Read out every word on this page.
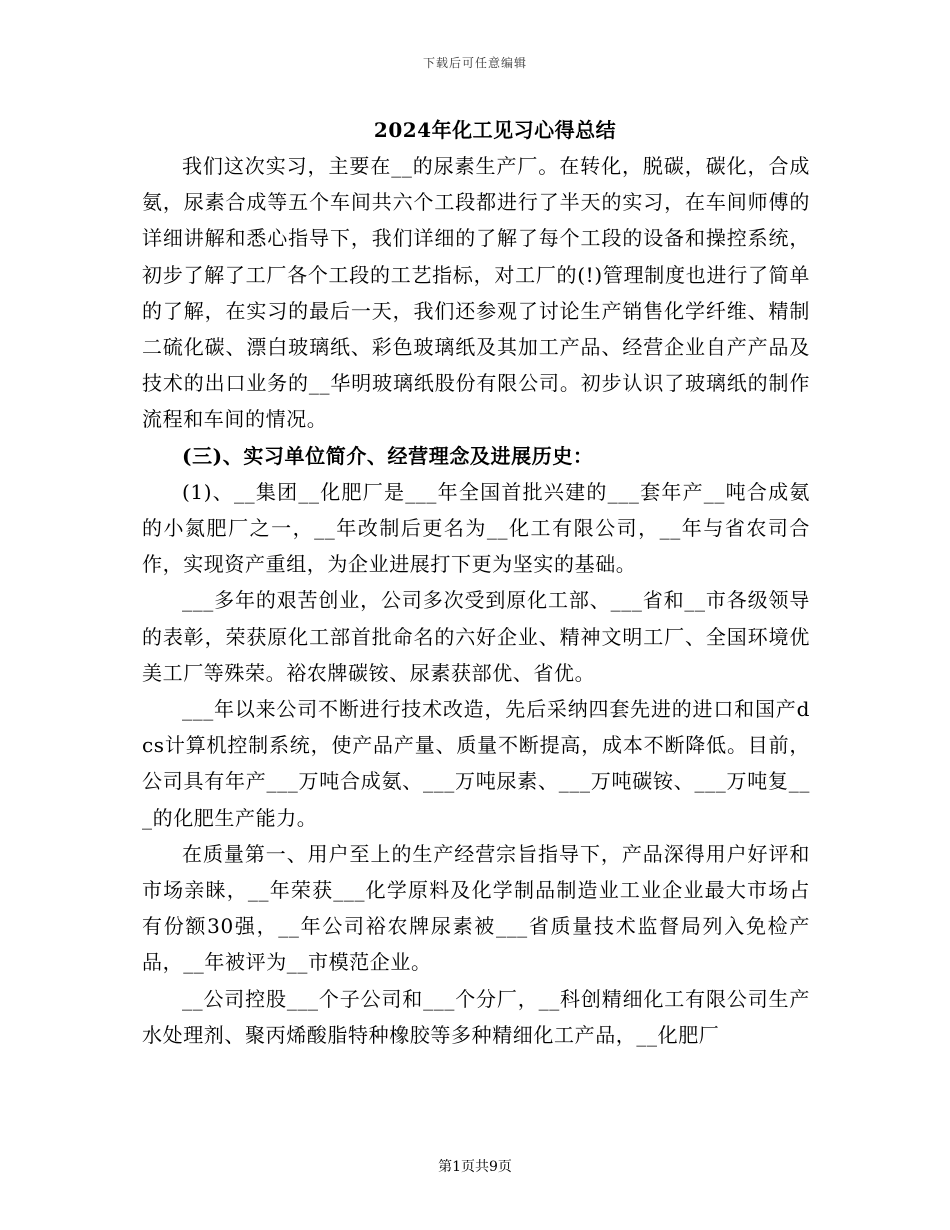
下载后可任意编辑
2024年化工见习心得总结

我们这次实习，主要在__的尿素生产厂。在转化，脱碳，碳化，合成氨，尿素合成等五个车间共六个工段都进行了半天的实习，在车间师傅的详细讲解和悉心指导下，我们详细的了解了每个工段的设备和操控系统，初步了解了工厂各个工段的工艺指标，对工厂的(!)管理制度也进行了简单的了解，在实习的最后一天，我们还参观了讨论生产销售化学纤维、精制二硫化碳、漂白玻璃纸、彩色玻璃纸及其加工产品、经营企业自产产品及技术的出口业务的__华明玻璃纸股份有限公司。初步认识了玻璃纸的制作流程和车间的情况。

(三)、实习单位简介、经营理念及进展历史：

(1)、__集团__化肥厂是___年全国首批兴建的___套年产__吨合成氨的小氮肥厂之一，__年改制后更名为__化工有限公司，__年与省农司合作，实现资产重组，为企业进展打下更为坚实的基础。

___多年的艰苦创业，公司多次受到原化工部、___省和__市各级领导的表彰，荣获原化工部首批命名的六好企业、精神文明工厂、全国环境优美工厂等殊荣。裕农牌碳铵、尿素获部优、省优。

___年以来公司不断进行技术改造，先后采纳四套先进的进口和国产dcs计算机控制系统，使产品产量、质量不断提高，成本不断降低。目前，公司具有年产___万吨合成氨、___万吨尿素、___万吨碳铵、___万吨复___的化肥生产能力。

在质量第一、用户至上的生产经营宗旨指导下，产品深得用户好评和市场亲睐，__年荣获___化学原料及化学制品制造业工业企业最大市场占有份额30强，__年公司裕农牌尿素被___省质量技术监督局列入免检产品，__年被评为__市模范企业。

__公司控股___个子公司和___个分厂，__科创精细化工有限公司生产水处理剂、聚丙烯酸脂特种橡胶等多种精细化工产品，__化肥厂

第1页共9页
